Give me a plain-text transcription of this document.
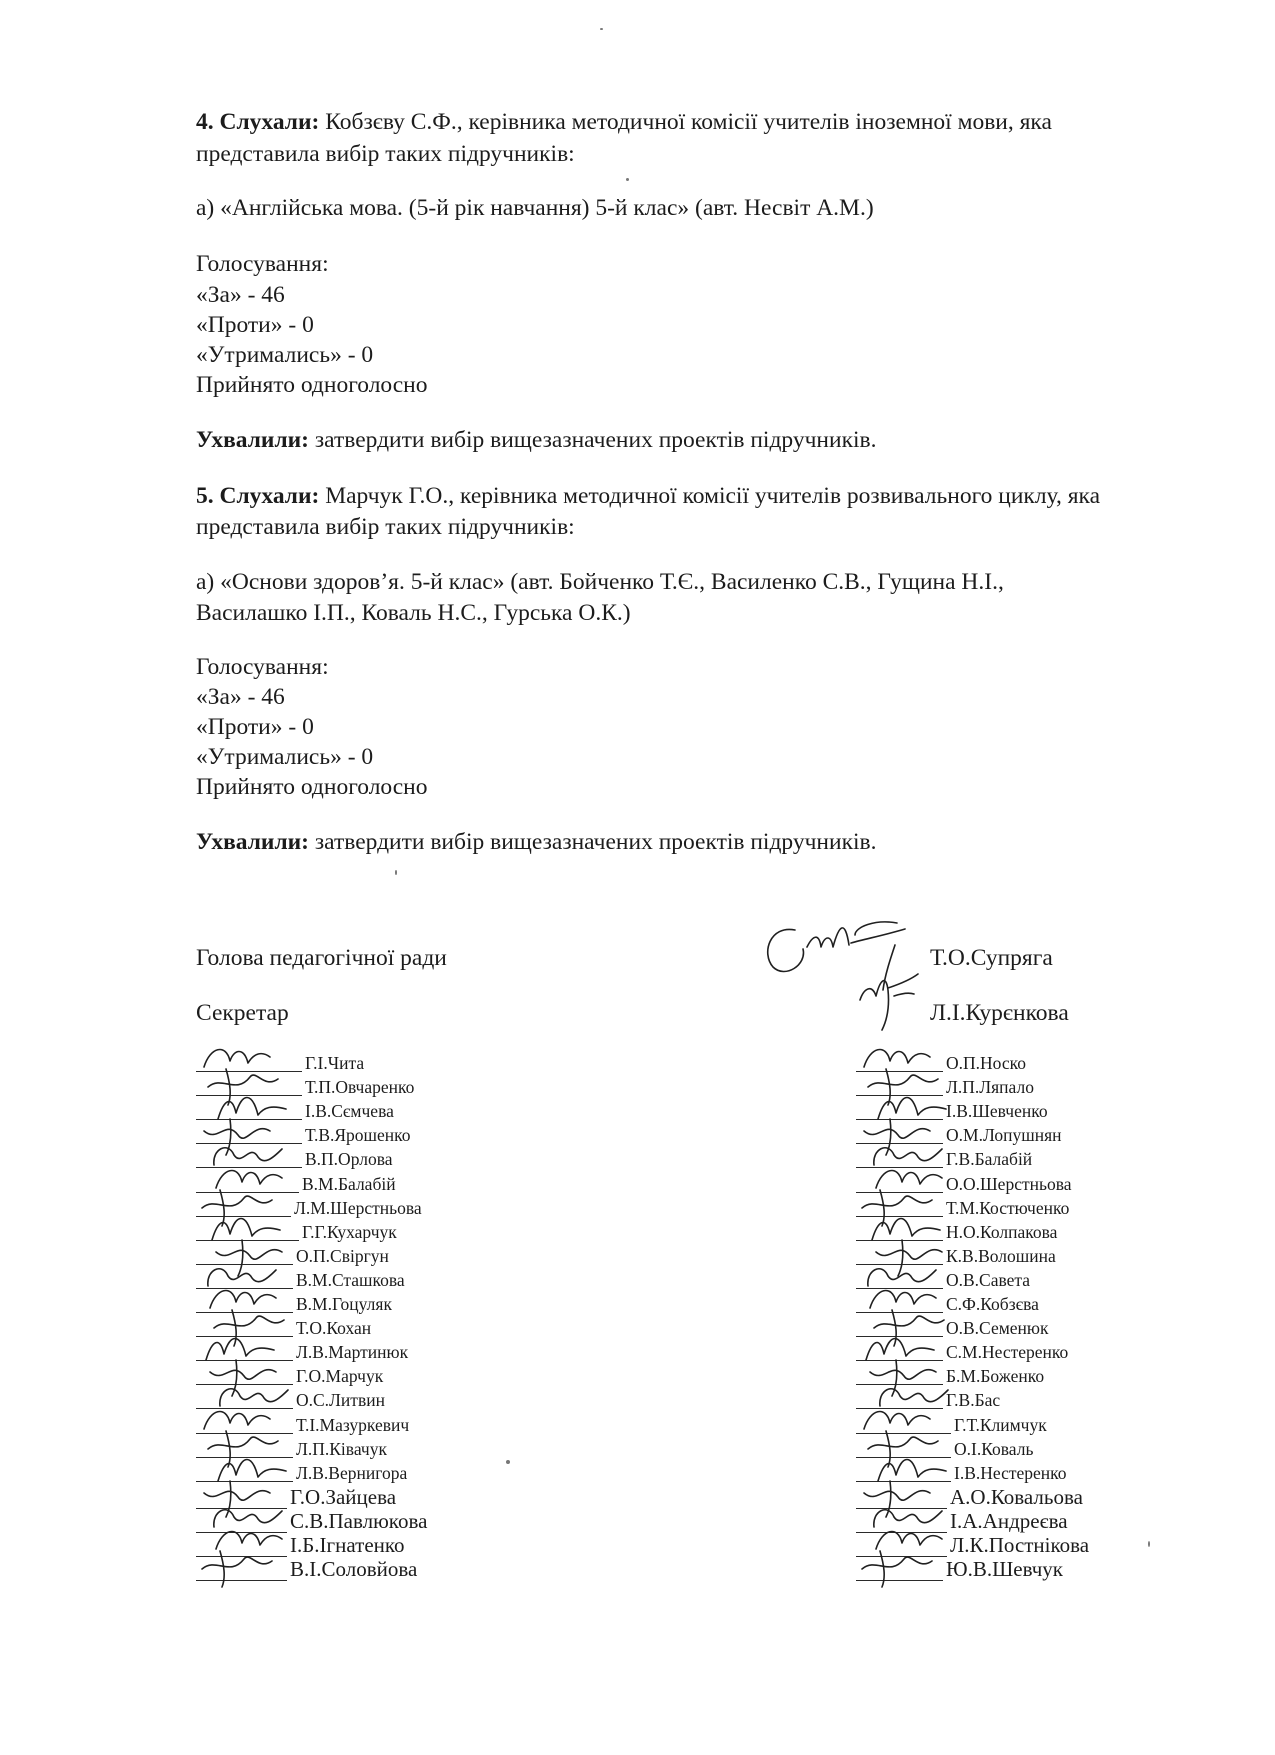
4. Слухали: Кобзєву С.Ф., керівника методичної комісії учителів іноземної мови, яка
представила вибір таких підручників:
а) «Англійська мова. (5-й рік навчання) 5-й клас» (авт. Несвіт А.М.)
Голосування:
«За» - 46
«Проти» - 0
«Утримались» - 0
Прийнято одноголосно
Ухвалили: затвердити вибір вищезазначених проектів підручників.
5. Слухали: Марчук Г.О., керівника методичної комісії учителів розвивального циклу, яка
представила вибір таких підручників:
а) «Основи здоров’я. 5-й клас» (авт. Бойченко Т.Є., Василенко С.В., Гущина Н.І.,
Василашко І.П., Коваль Н.С., Гурська О.К.)
Голосування:
«За» - 46
«Проти» - 0
«Утримались» - 0
Прийнято одноголосно
Ухвалили: затвердити вибір вищезазначених проектів підручників.
Голова педагогічної ради	Т.О.Супряга
Секретар	Л.І.Курєнкова
Г.І.Чита
Т.П.Овчаренко
І.В.Сємчева
Т.В.Ярошенко
В.П.Орлова
В.М.Балабій
Л.М.Шерстньова
Г.Г.Кухарчук
О.П.Свіргун
В.М.Сташкова
В.М.Гоцуляк
Т.О.Кохан
Л.В.Мартинюк
Г.О.Марчук
О.С.Литвин
Т.І.Мазуркевич
Л.П.Ківачук
Л.В.Вернигора
Г.О.Зайцева
С.В.Павлюкова
І.Б.Ігнатенко
В.І.Соловйова
О.П.Носко
Л.П.Ляпало
І.В.Шевченко
О.М.Лопушнян
Г.В.Балабій
О.О.Шерстньова
Т.М.Костюченко
Н.О.Колпакова
К.В.Волошина
О.В.Савета
С.Ф.Кобзєва
О.В.Семенюк
С.М.Нестеренко
Б.М.Боженко
Г.В.Бас
Г.Т.Климчук
О.І.Коваль
І.В.Нестеренко
А.О.Ковальова
І.А.Андреєва
Л.К.Постнікова
Ю.В.Шевчук
